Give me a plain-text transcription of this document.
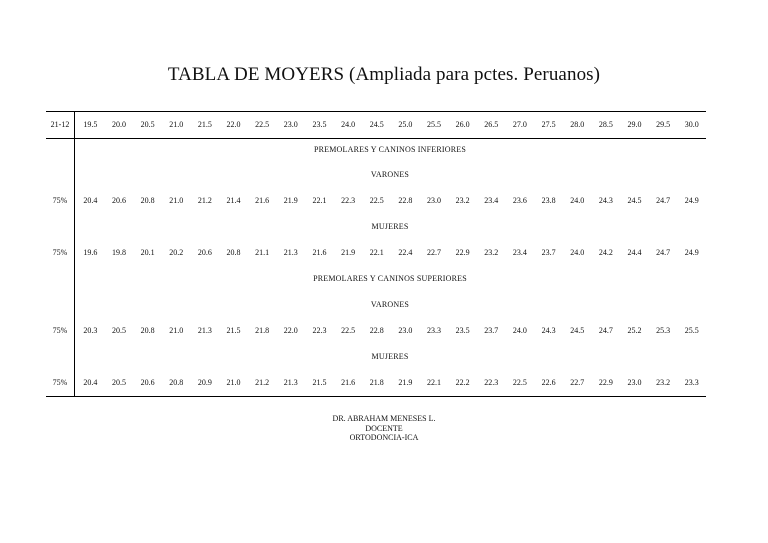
TABLA DE MOYERS (Ampliada para pctes. Peruanos)
21-12	19.5	20.0	20.5	21.0	21.5	22.0	22.5	23.0	23.5	24.0	24.5	25.0	25.5	26.0	26.5	27.0	27.5	28.0	28.5	29.0	29.5	30.0
PREMOLARES Y CANINOS INFERIORES
VARONES
75%	20.4	20.6	20.8	21.0	21.2	21.4	21.6	21.9	22.1	22.3	22.5	22.8	23.0	23.2	23.4	23.6	23.8	24.0	24.3	24.5	24.7	24.9
MUJERES
75%	19.6	19.8	20.1	20.2	20.6	20.8	21.1	21.3	21.6	21.9	22.1	22.4	22.7	22.9	23.2	23.4	23.7	24.0	24.2	24.4	24.7	24.9
PREMOLARES Y CANINOS SUPERIORES
VARONES
75%	20.3	20.5	20.8	21.0	21.3	21.5	21.8	22.0	22.3	22.5	22.8	23.0	23.3	23.5	23.7	24.0	24.3	24.5	24.7	25.2	25.3	25.5
MUJERES
75%	20.4	20.5	20.6	20.8	20.9	21.0	21.2	21.3	21.5	21.6	21.8	21.9	22.1	22.2	22.3	22.5	22.6	22.7	22.9	23.0	23.2	23.3
DR. ABRAHAM MENESES L.
DOCENTE
ORTODONCIA-ICA
